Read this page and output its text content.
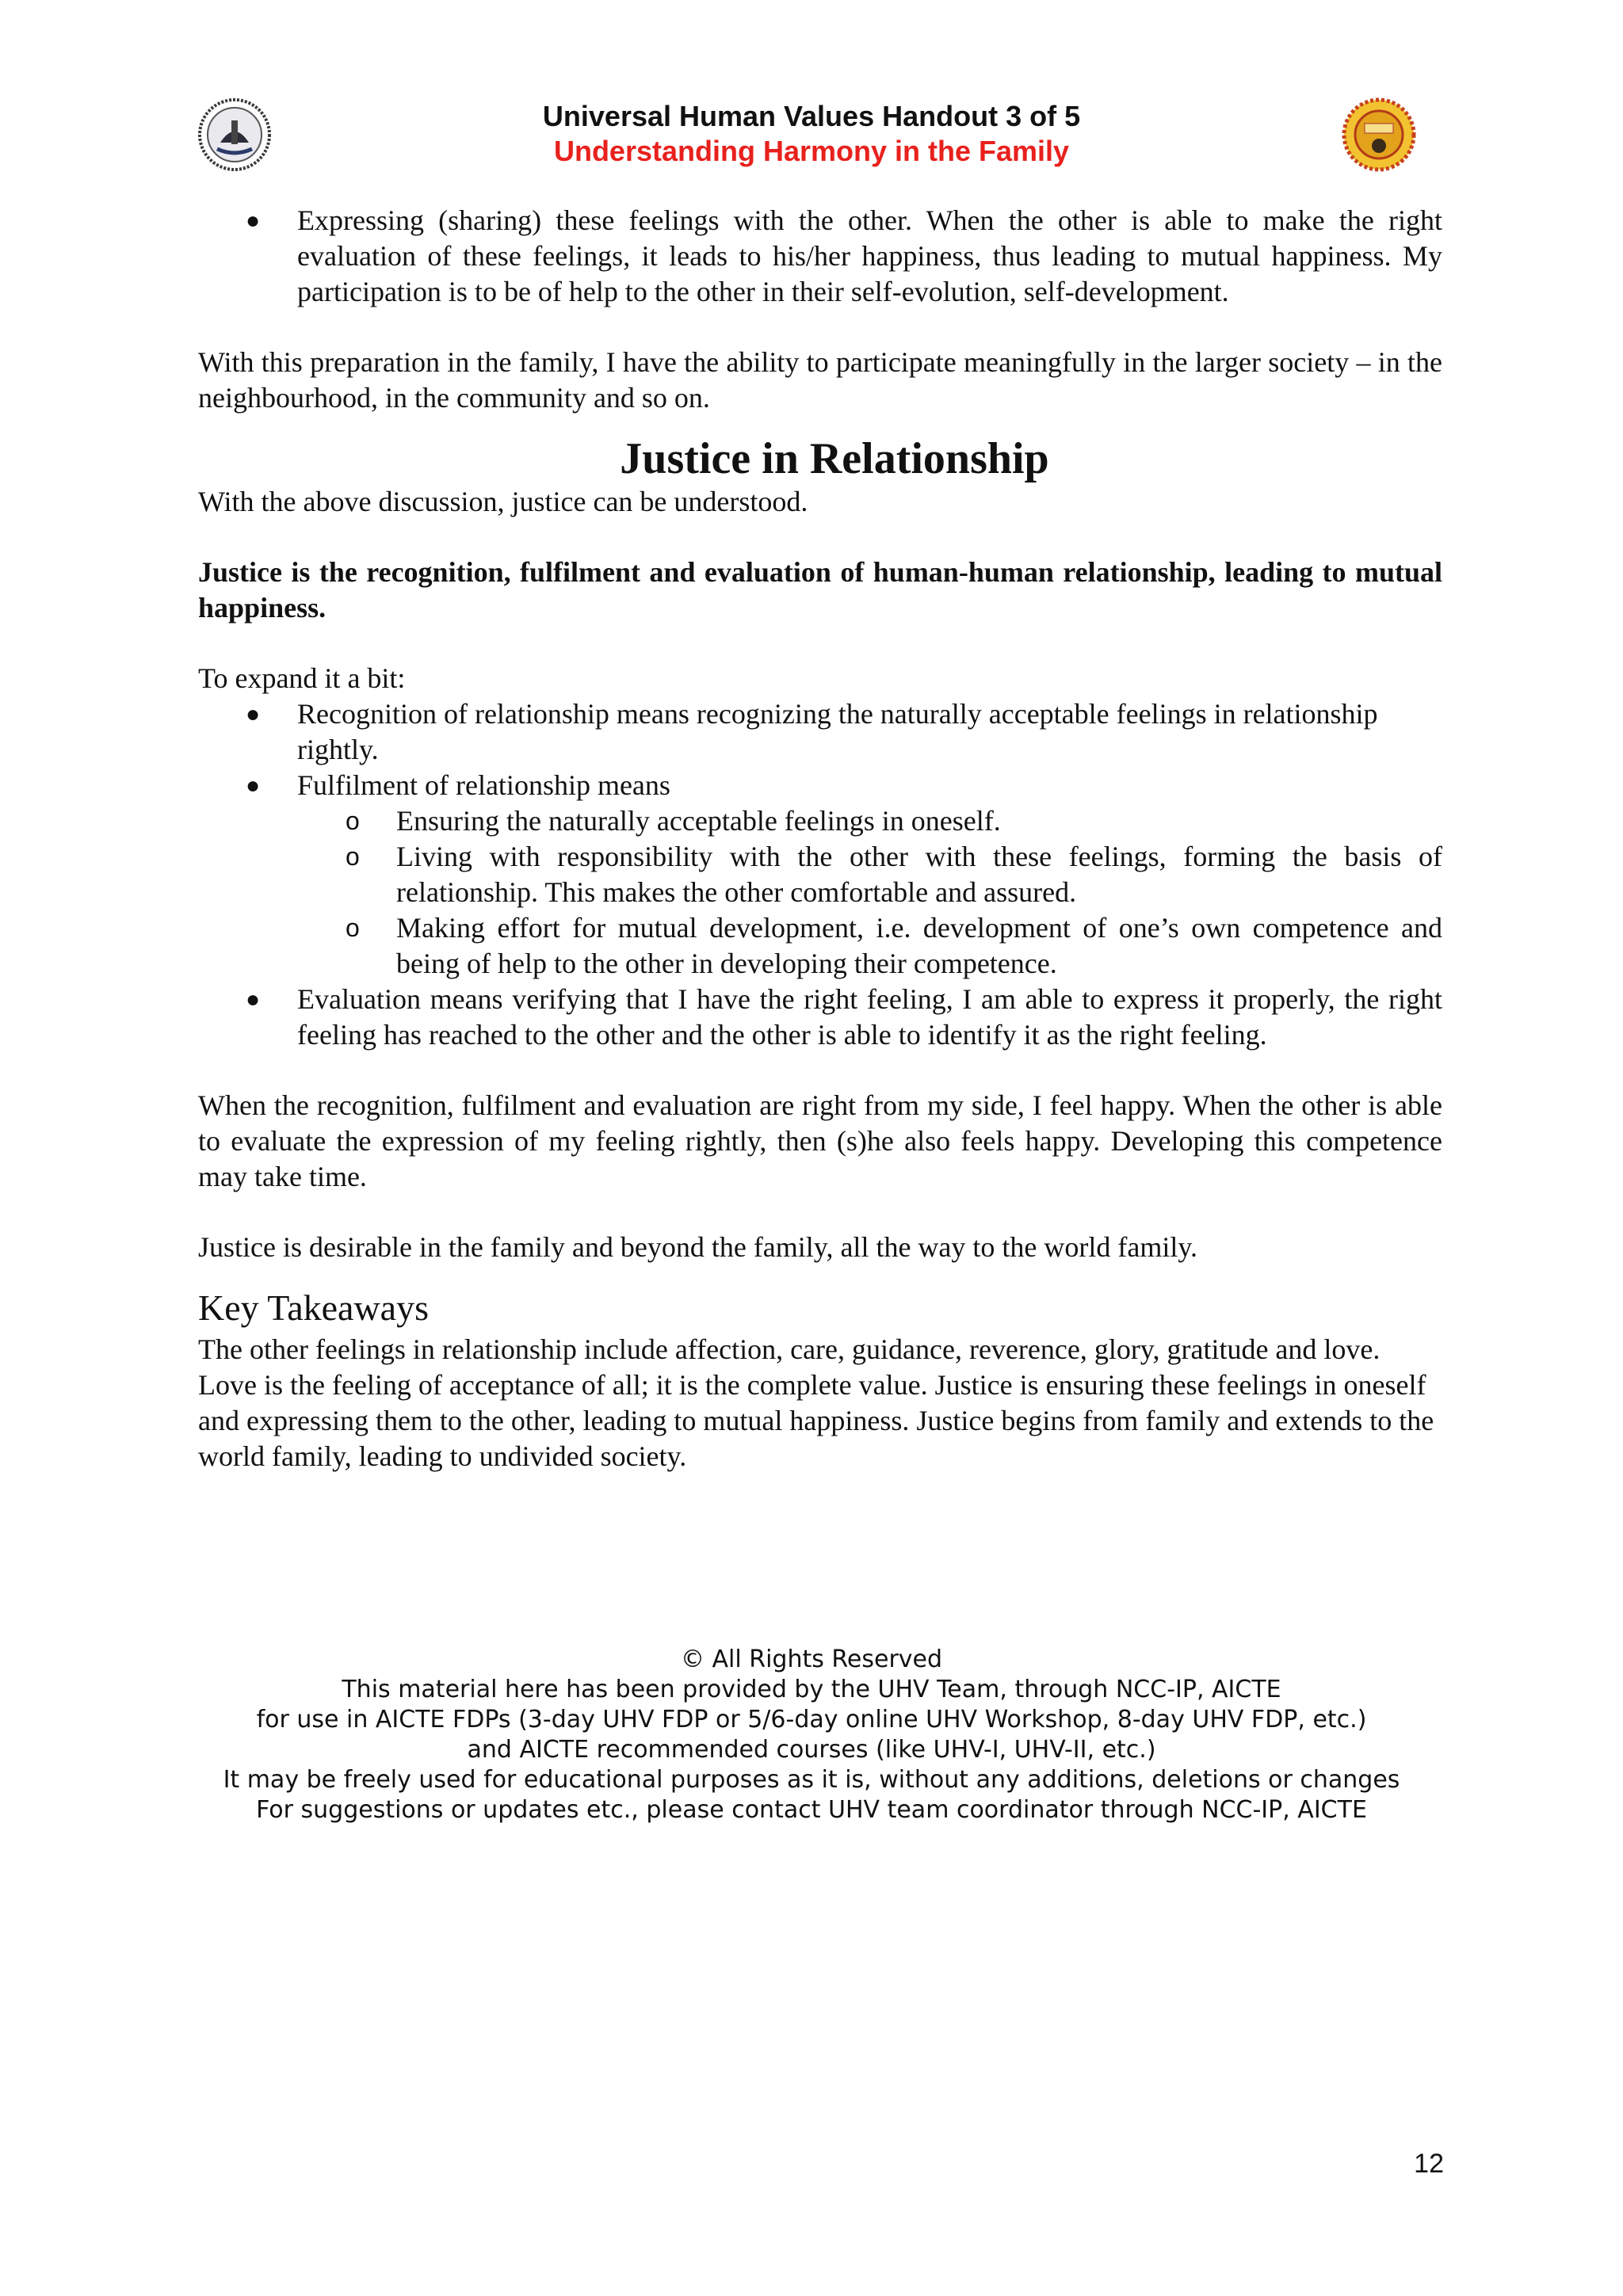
Universal Human Values Handout 3 of 5
Understanding Harmony in the Family
● Expressing (sharing) these feelings with the other. When the other is able to make the right evaluation of these feelings, it leads to his/her happiness, thus leading to mutual happiness. My participation is to be of help to the other in their self-evolution, self-development.

With this preparation in the family, I have the ability to participate meaningfully in the larger society – in the neighbourhood, in the community and so on.

Justice in Relationship

With the above discussion, justice can be understood.

Justice is the recognition, fulfilment and evaluation of human-human relationship, leading to mutual happiness.

To expand it a bit:

● Recognition of relationship means recognizing the naturally acceptable feelings in relationship rightly.

● Fulfilment of relationship means

o Ensuring the naturally acceptable feelings in oneself.

o Living with responsibility with the other with these feelings, forming the basis of relationship. This makes the other comfortable and assured.

o Making effort for mutual development, i.e. development of one’s own competence and being of help to the other in developing their competence.

● Evaluation means verifying that I have the right feeling, I am able to express it properly, the right feeling has reached to the other and the other is able to identify it as the right feeling.

When the recognition, fulfilment and evaluation are right from my side, I feel happy. When the other is able to evaluate the expression of my feeling rightly, then (s)he also feels happy. Developing this competence may take time.

Justice is desirable in the family and beyond the family, all the way to the world family.

Key Takeaways

The other feelings in relationship include affection, care, guidance, reverence, glory, gratitude and love. Love is the feeling of acceptance of all; it is the complete value. Justice is ensuring these feelings in oneself and expressing them to the other, leading to mutual happiness. Justice begins from family and extends to the world family, leading to undivided society.

© All Rights Reserved
This material here has been provided by the UHV Team, through NCC-IP, AICTE
for use in AICTE FDPs (3-day UHV FDP or 5/6-day online UHV Workshop, 8-day UHV FDP, etc.)
and AICTE recommended courses (like UHV-I, UHV-II, etc.)
It may be freely used for educational purposes as it is, without any additions, deletions or changes
For suggestions or updates etc., please contact UHV team coordinator through NCC-IP, AICTE
12
